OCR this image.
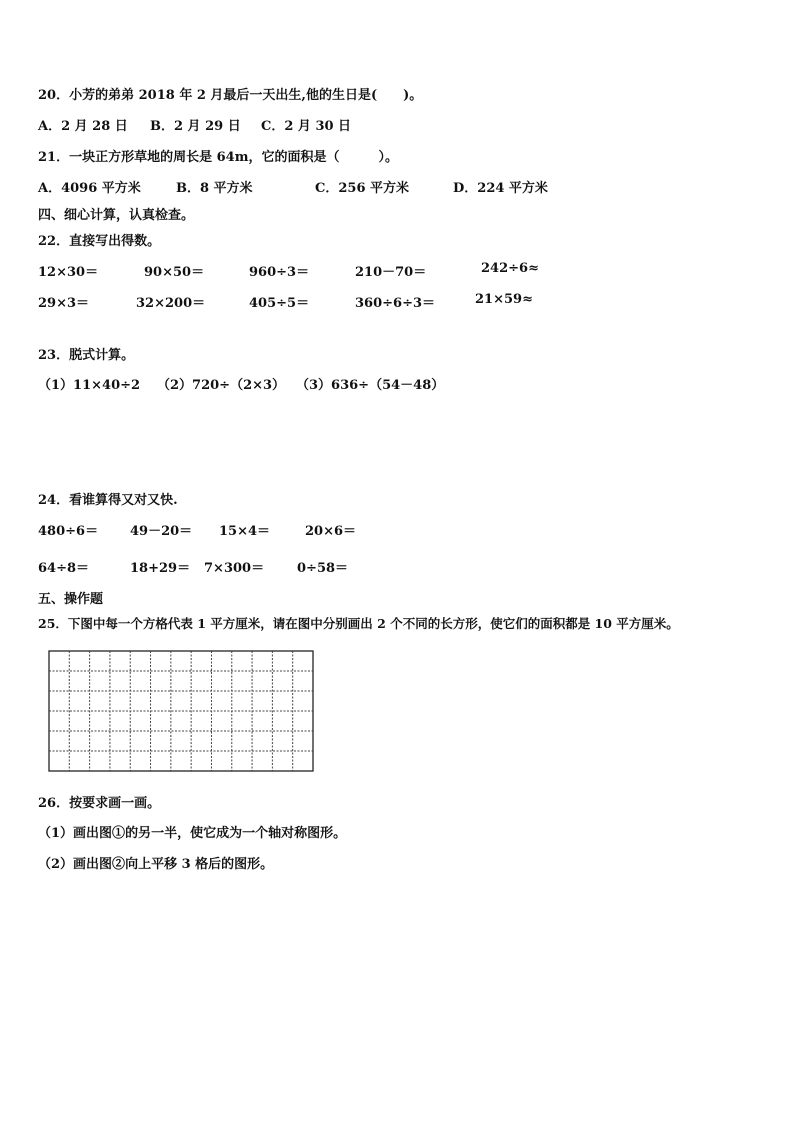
20．小芳的弟弟 2018 年 2 月最后一天出生,他的生日是(　　)。
A．2 月 28 日 B．2 月 29 日 C．2 月 30 日
21．一块正方形草地的周长是 64m，它的面积是（　　　）。
A．4096 平方米	B．8 平方米	C．256 平方米	D．224 平方米
四、细心计算，认真检查。
22．直接写出得数。
12×30＝	90×50＝	960÷3＝	210－70＝	242÷6≈
29×3＝	32×200＝	405÷5＝	360÷6÷3＝	21×59≈
23．脱式计算。
（1）11×40÷2 （2）720÷（2×3） （3）636÷（54－48）
24．看谁算得又对又快.
480÷6＝ 49－20＝ 15×4＝	20×6＝
64÷8＝	18+29＝ 7×300＝	0÷58＝
五、操作题
25．下图中每一个方格代表 1 平方厘米，请在图中分别画出 2 个不同的长方形，使它们的面积都是 10 平方厘米。
26．按要求画一画。
（1）画出图①的另一半，使它成为一个轴对称图形。
（2）画出图②向上平移 3 格后的图形。
